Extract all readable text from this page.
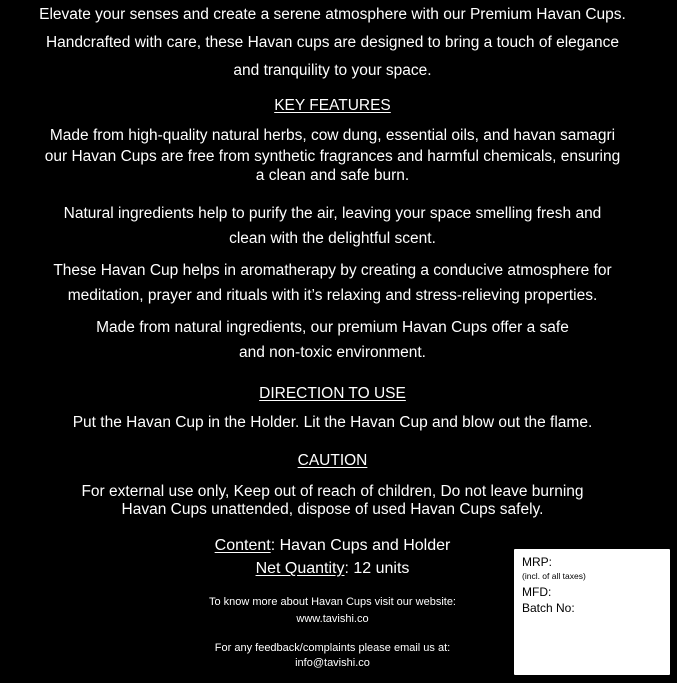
Elevate your senses and create a serene atmosphere with our Premium Havan Cups.
Handcrafted with care, these Havan cups are designed to bring a touch of elegance
and tranquility to your space.
KEY FEATURES
Made from high-quality natural herbs, cow dung, essential oils, and havan samagri
our Havan Cups are free from synthetic fragrances and harmful chemicals, ensuring
a clean and safe burn.
Natural ingredients help to purify the air, leaving your space smelling fresh and
clean with the delightful scent.
These Havan Cup helps in aromatherapy by creating a conducive atmosphere for
meditation, prayer and rituals with it’s relaxing and stress-relieving properties.
Made from natural ingredients, our premium Havan Cups offer a safe
and non-toxic environment.
DIRECTION TO USE
Put the Havan Cup in the Holder. Lit the Havan Cup and blow out the flame.
CAUTION
For external use only, Keep out of reach of children, Do not leave burning
Havan Cups unattended, dispose of used Havan Cups safely.
Content: Havan Cups and Holder
Net Quantity: 12 units
To know more about Havan Cups visit our website:
www.tavishi.co
For any feedback/complaints please email us at:
info@tavishi.co
MRP:
(incl. of all taxes)
MFD:
Batch No:
